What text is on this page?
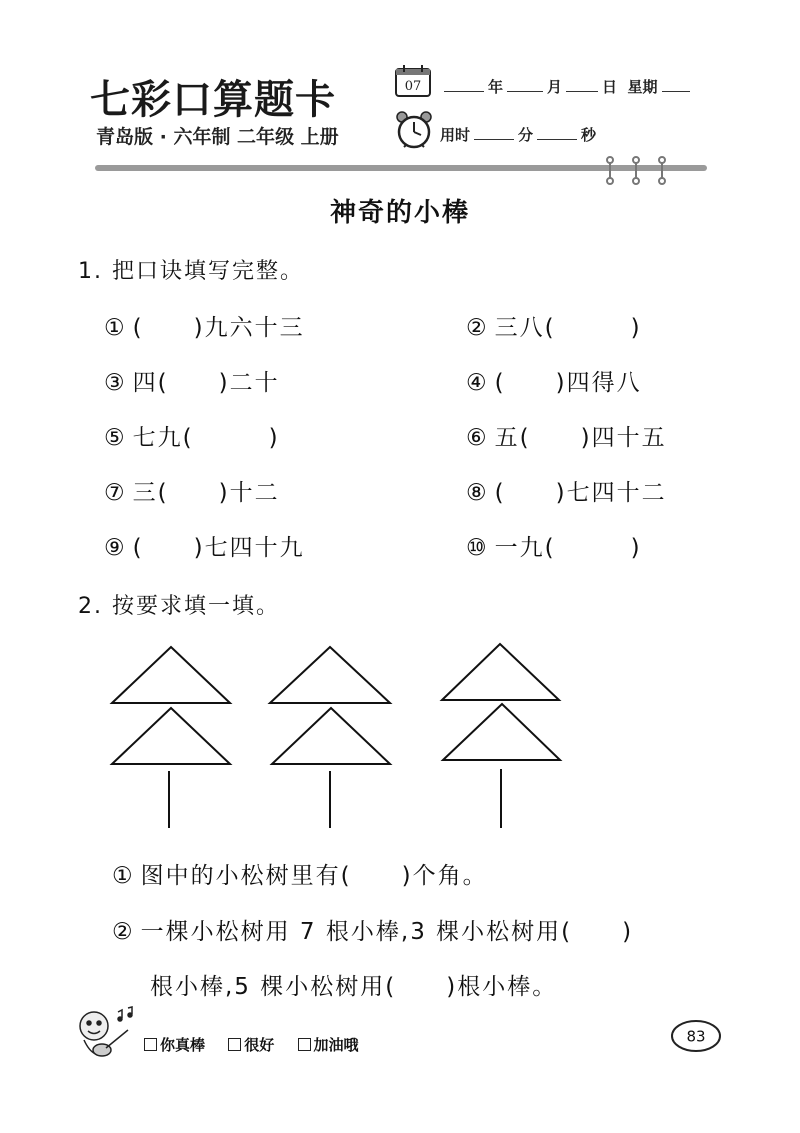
七彩口算题卡
青岛版 · 六年制 二年级 上册
07	年	月	日 星期
用时	分	秒
神奇的小棒
1. 把口诀填写完整。
① (　　)九六十三	② 三八(　　　)
③ 四(　　)二十	④ (　　)四得八
⑤ 七九(　　　)	⑥ 五(　　)四十五
⑦ 三(　　)十二	⑧ (　　)七四十二
⑨ (　　)七四十九	⑩ 一九(　　　)
2. 按要求填一填。
① 图中的小松树里有(　　)个角。
② 一棵小松树用 7 根小棒,3 棵小松树用(　　)
根小棒,5 棵小松树用(　　)根小棒。
你真棒
	很好
	加油哦	83
